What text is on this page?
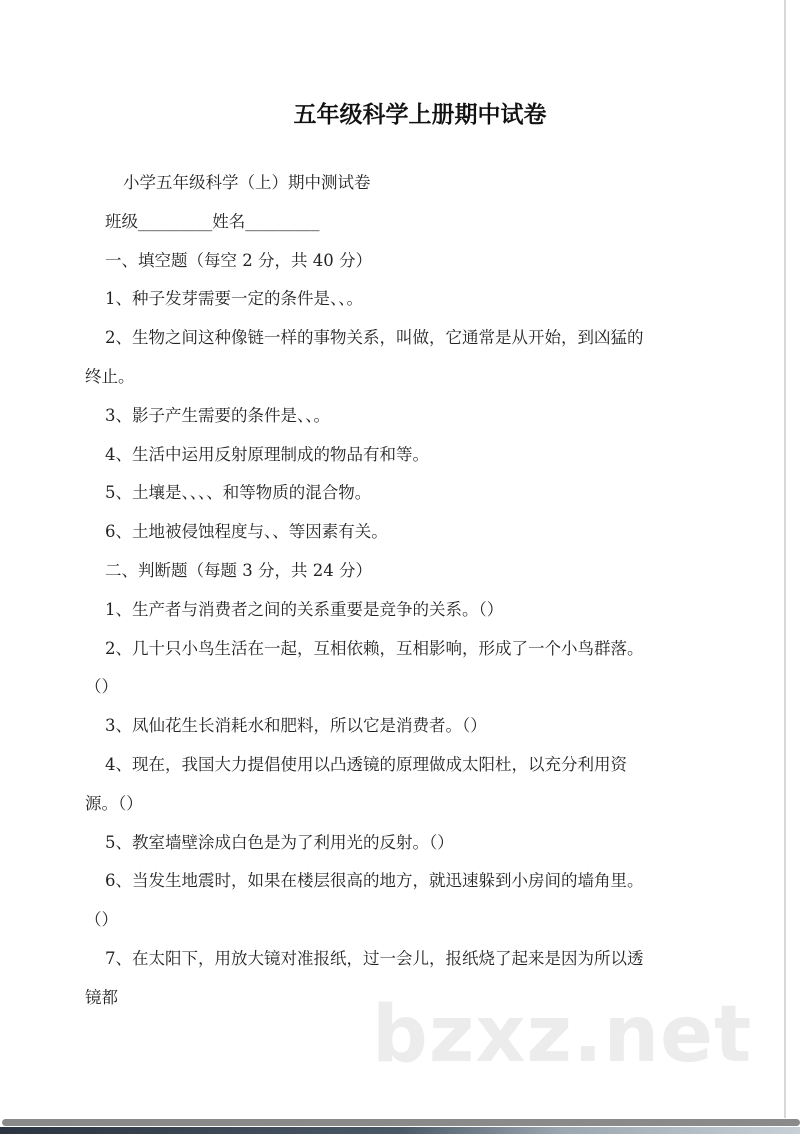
五年级科学上册期中试卷
小学五年级科学（上）期中测试卷
班级_________姓名_________
一、填空题（每空 2 分，共 40 分）
1、种子发芽需要一定的条件是、、。
2、生物之间这种像链一样的事物关系，叫做，它通常是从开始，到凶猛的
终止。
3、影子产生需要的条件是、、。
4、生活中运用反射原理制成的物品有和等。
5、土壤是、、、、和等物质的混合物。
6、土地被侵蚀程度与、、等因素有关。
二、判断题（每题 3 分，共 24 分）
1、生产者与消费者之间的关系重要是竞争的关系。（）
2、几十只小鸟生活在一起，互相依赖，互相影响，形成了一个小鸟群落。
（）
3、凤仙花生长消耗水和肥料，所以它是消费者。（）
4、现在，我国大力提倡使用以凸透镜的原理做成太阳杜，以充分利用资
源。（）
5、教室墙壁涂成白色是为了利用光的反射。（）
6、当发生地震时，如果在楼层很高的地方，就迅速躲到小房间的墙角里。
（）
7、在太阳下，用放大镜对准报纸，过一会儿，报纸烧了起来是因为所以透
镜都	bzxz.net
